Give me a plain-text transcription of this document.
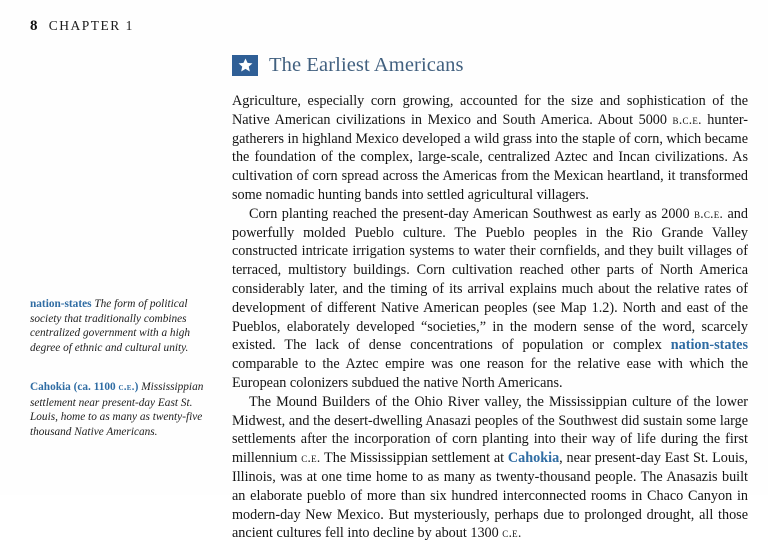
8 CHAPTER 1
nation-states The form of political society that traditionally combines centralized government with a high degree of ethnic and cultural unity.
Cahokia (ca. 1100 c.e.) Mississippian settlement near present-day East St. Louis, home to as many as twenty-five thousand Native Americans.
The Earliest Americans

Agriculture, especially corn growing, accounted for the size and sophistication of the Native American civilizations in Mexico and South America. About 5000 b.c.e. hunter-gatherers in highland Mexico developed a wild grass into the staple of corn, which became the foundation of the complex, large-scale, centralized Aztec and Incan civilizations. As cultivation of corn spread across the Americas from the Mexican heartland, it transformed some nomadic hunting bands into settled agricultural villagers.

Corn planting reached the present-day American Southwest as early as 2000 b.c.e. and powerfully molded Pueblo culture. The Pueblo peoples in the Rio Grande Valley constructed intricate irrigation systems to water their cornfields, and they built villages of terraced, multistory buildings. Corn cultivation reached other parts of North America considerably later, and the timing of its arrival explains much about the relative rates of development of different Native American peoples (see Map 1.2). North and east of the Pueblos, elaborately developed “societies,” in the modern sense of the word, scarcely existed. The lack of dense concentrations of population or complex nation-states comparable to the Aztec empire was one reason for the relative ease with which the European colonizers subdued the native North Americans.

The Mound Builders of the Ohio River valley, the Mississippian culture of the lower Midwest, and the desert-dwelling Anasazi peoples of the Southwest did sustain some large settlements after the incorporation of corn planting into their way of life during the first millennium c.e. The Mississippian settlement at Cahokia, near present-day East St. Louis, Illinois, was at one time home to as many as twenty-thousand people. The Anasazis built an elaborate pueblo of more than six hundred interconnected rooms in Chaco Canyon in modern-day New Mexico. But mysteriously, perhaps due to prolonged drought, all those ancient cultures fell into decline by about 1300 c.e.
